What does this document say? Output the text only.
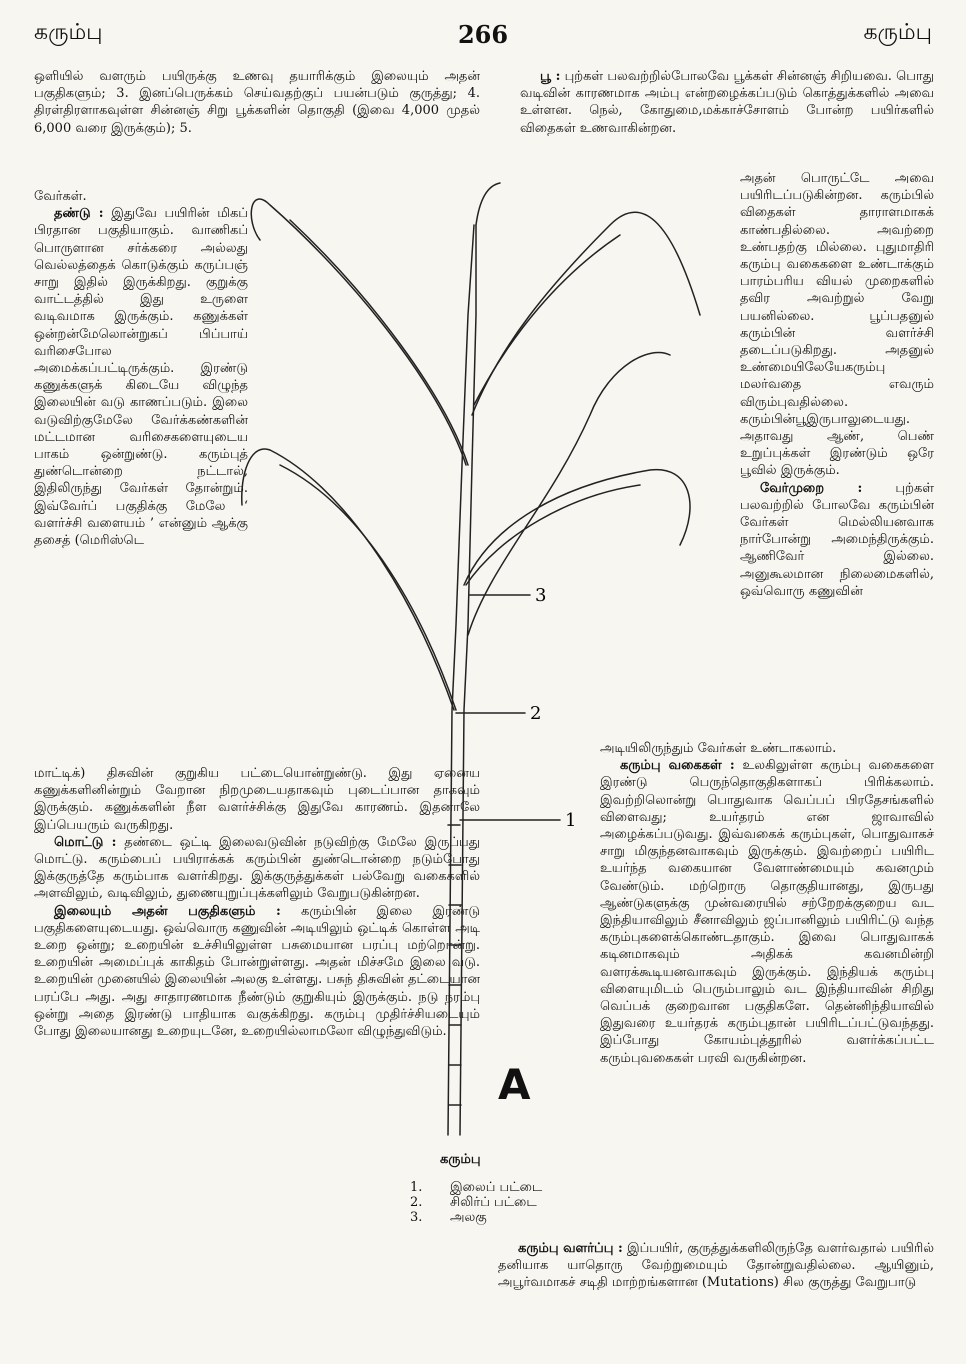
கரும்பு	266	கரும்பு

ஒளியில் வளரும் பயிருக்கு உணவு தயாரிக்கும் இலையும் அதன் பகுதிகளும்; 3. இனப்பெருக்கம் செய்வதற்குப் பயன்படும் குருத்து; 4. திரள்திரளாகவுள்ள சின்னஞ் சிறு பூக்களின் தொகுதி (இவை 4,000 முதல் 6,000 வரை இருக்கும்); 5.

வேர்கள்.

தண்டு : இதுவே பயிரின் மிகப் பிரதான பகுதியாகும். வாணிகப் பொருளான சர்க்கரை அல்லது வெல்லத்தைக் கொடுக்கும் கருப்பஞ் சாறு இதில் இருக்கிறது. குறுக்கு வாட்டத்தில் இது உருளை வடிவமாக இருக்கும். கணுக்கள் ஒன்றன்மேலொன்றுகப் பிப்பாய் வரிசைபோல அமைக்கப்பட்டிருக்கும். இரண்டு கணுக்களுக் கிடையே விழுந்த இலையின் வடு காணப்படும். இலை வடுவிற்குமேலே வேர்க்கண்களின் மட்டமான வரிசைகளையுடைய பாகம் ஒன்றுண்டு. கரும்புத் துண்டொன்றை நட்டால், இதிலிருந்து வேர்கள் தோன்றும். இவ்வேர்ப் பகுதிக்கு மேலே ‘ வளர்ச்சி வளையம் ’ என்னும் ஆக்கு தசைத் (மெரிஸ்டெ

மாட்டிக்) திசுவின் குறுகிய பட்டையொன்றுண்டு. இது ஏனைய கணுக்களினின்றும் வேறான நிறமுடையதாகவும் புடைப்பான தாகவும் இருக்கும். கணுக்களின் நீள வளர்ச்சிக்கு இதுவே காரணம். இதனாலே இப்பெயரும் வருகிறது.

மொட்டு : தண்டை ஒட்டி இலைவடுவின் நடுவிற்கு மேலே இருப்பது மொட்டு. கரும்பைப் பயிராக்கக் கரும்பின் துண்டொன்றை நடும்போது இக்குருத்தே கரும்பாக வளர்கிறது. இக்குருத்துக்கள் பல்வேறு வகைகளில் அளவிலும், வடிவிலும், துணையுறுப்புக்களிலும் வேறுபடுகின்றன.

இலையும் அதன் பகுதிகளும் : கரும்பின் இலை இரண்டு பகுதிகளையுடையது. ஒவ்வொரு கணுவின் அடியிலும் ஒட்டிக் கொள்ள அடி உறை ஒன்று; உறையின் உச்சியிலுள்ள பசுமையான பரப்பு மற்றொன்று. உறையின் அமைப்புக் காகிதம் போன்றுள்ளது. அதன் மிச்சமே இலை வடு. உறையின் முனையில் இலையின் அலகு உள்ளது. பசுந் திசுவின் தட்டையான பரப்பே அது. அது சாதாரணமாக நீண்டும் குறுகியும் இருக்கும். நடு நரம்பு ஒன்று அதை இரண்டு பாதியாக வகுக்கிறது. கரும்பு முதிர்ச்சியடையும் போது இலையானது உறையுடனே, உறையில்லாமலோ விழுந்துவிடும்.

பூ : புற்கள் பலவற்றில்போலவே பூக்கள் சின்னஞ் சிறியவை. பொது வடிவின் காரணமாக அம்பு என்றழைக்கப்படும் கொத்துக்களில் அவை உள்ளன. நெல், கோதுமை,மக்காச்சோளம் போன்ற பயிர்களில் விதைகள் உணவாகின்றன.

அதன் பொருட்டே அவை பயிரிடப்படுகின்றன. கரும்பில் விதைகள் தாராளமாகக் காண்பதில்லை. அவற்றை உண்பதற்கு மில்லை. புதுமாதிரி கரும்பு வகைகளை உண்டாக்கும் பாரம்பரிய வியல் முறைகளில் தவிர அவற்றுல் வேறு பயனில்லை. பூப்பதனுல் கரும்பின் வளர்ச்சி தடைப்படுகிறது. அதனுல் உண்மையிலேயேகரும்பு மலர்வதை எவரும் விரும்புவதில்லை. கரும்பின்பூஇருபாலுடையது. அதாவது ஆண், பெண் உறுப்புக்கள் இரண்டும் ஒரே பூவில் இருக்கும்.

வேர்முறை :	புற்கள் பலவற்றில் போலவே கரும்பின் வேர்கள் மெல்லியனவாக நார்போன்று அமைந்திருக்கும். ஆணிவேர் இல்லை. அனுகூலமான நிலைமைகளில், ஒவ்வொரு கணுவின்

அடியிலிருந்தும் வேர்கள் உண்டாகலாம்.

கரும்பு வகைகள் : உலகிலுள்ள கரும்பு வகைகளை இரண்டு பெருந்தொகுதிகளாகப் பிரிக்கலாம். இவற்றிலொன்று பொதுவாக வெப்பப் பிரதேசங்களில் விளைவது; உயர்தரம் என ஜாவாவில் அழைக்கப்படுவது. இவ்வகைக் கரும்புகள், பொதுவாகச் சாறு மிகுந்தனவாகவும் இருக்கும். இவற்றைப் பயிரிட உயர்ந்த வகையான வேளாண்மையும் கவனமும் வேண்டும். மற்றொரு தொகுதியானது, இருபது ஆண்டுகளுக்கு முன்வரையில் சற்றேறக்குறைய வட இந்தியாவிலும் சீனாவிலும் ஜப்பானிலும் பயிரிட்டு வந்த கரும்புகளைக்கொண்டதாகும். இவை பொதுவாகக் கடினமாகவும் அதிகக் கவனமின்றி வளரக்கூடியனவாகவும் இருக்கும். இந்தியக் கரும்பு விளையுமிடம் பெரும்பாலும் வட இந்தியாவின் சிறிது வெப்பக் குறைவான பகுதிகளே. தென்னிந்தியாவில் இதுவரை உயர்தரக் கரும்புதான் பயிரிடப்பட்டுவந்தது. இப்போது கோயம்புத்தூரில் வளர்க்கப்பட்ட கரும்புவகைகள் பரவி வருகின்றன.

கரும்பு வளர்ப்பு : இப்பயிர், குருத்துக்களிலிருந்தே வளர்வதால் பயிரில் தனியாக யாதொரு வேற்றுமையும் தோன்றுவதில்லை. ஆயினும், அபூர்வமாகச் சடிதி மாற்றங்களான (Mutations) சில குருத்து வேறுபாடு

3
2
1
A
கரும்பு
1.	இலைப் பட்டை
2.	சிலிர்ப் பட்டை
3.	அலகு
